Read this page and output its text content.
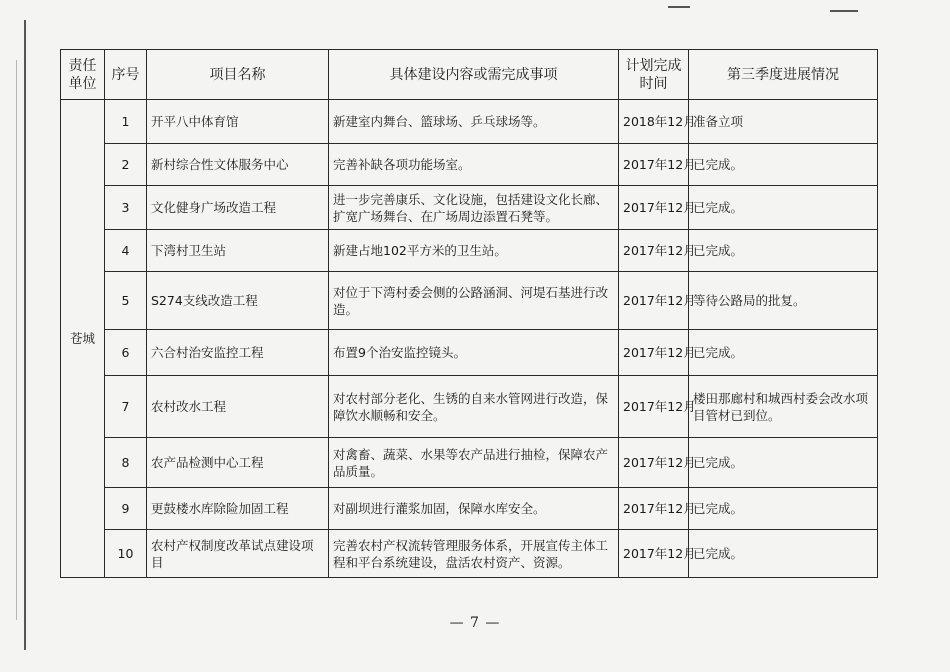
责任单位	序号	项目名称	具体建设内容或需完成事项	计划完成时间	第三季度进展情况
苍城	1	开平八中体育馆	新建室内舞台、篮球场、乒乓球场等。	2018年12月	准备立项
	2	新村综合性文体服务中心	完善补缺各项功能场室。	2017年12月	已完成。
	3	文化健身广场改造工程	进一步完善康乐、文化设施，包括建设文化长廊、扩宽广场舞台、在广场周边添置石凳等。	2017年12月	已完成。
	4	下湾村卫生站	新建占地102平方米的卫生站。	2017年12月	已完成。
	5	S274支线改造工程	对位于下湾村委会侧的公路涵洞、河堤石基进行改造。	2017年12月	等待公路局的批复。
	6	六合村治安监控工程	布置9个治安监控镜头。	2017年12月	已完成。
	7	农村改水工程	对农村部分老化、生锈的自来水管网进行改造，保障饮水顺畅和安全。	2017年12月	楼田那廊村和城西村委会改水项目管材已到位。
	8	农产品检测中心工程	对禽畜、蔬菜、水果等农产品进行抽检，保障农产品质量。	2017年12月	已完成。
	9	更鼓楼水库除险加固工程	对副坝进行灌浆加固，保障水库安全。	2017年12月	已完成。
	10	农村产权制度改革试点建设项目	完善农村产权流转管理服务体系，开展宣传主体工程和平台系统建设，盘活农村资产、资源。	2017年12月	已完成。
— 7 —
